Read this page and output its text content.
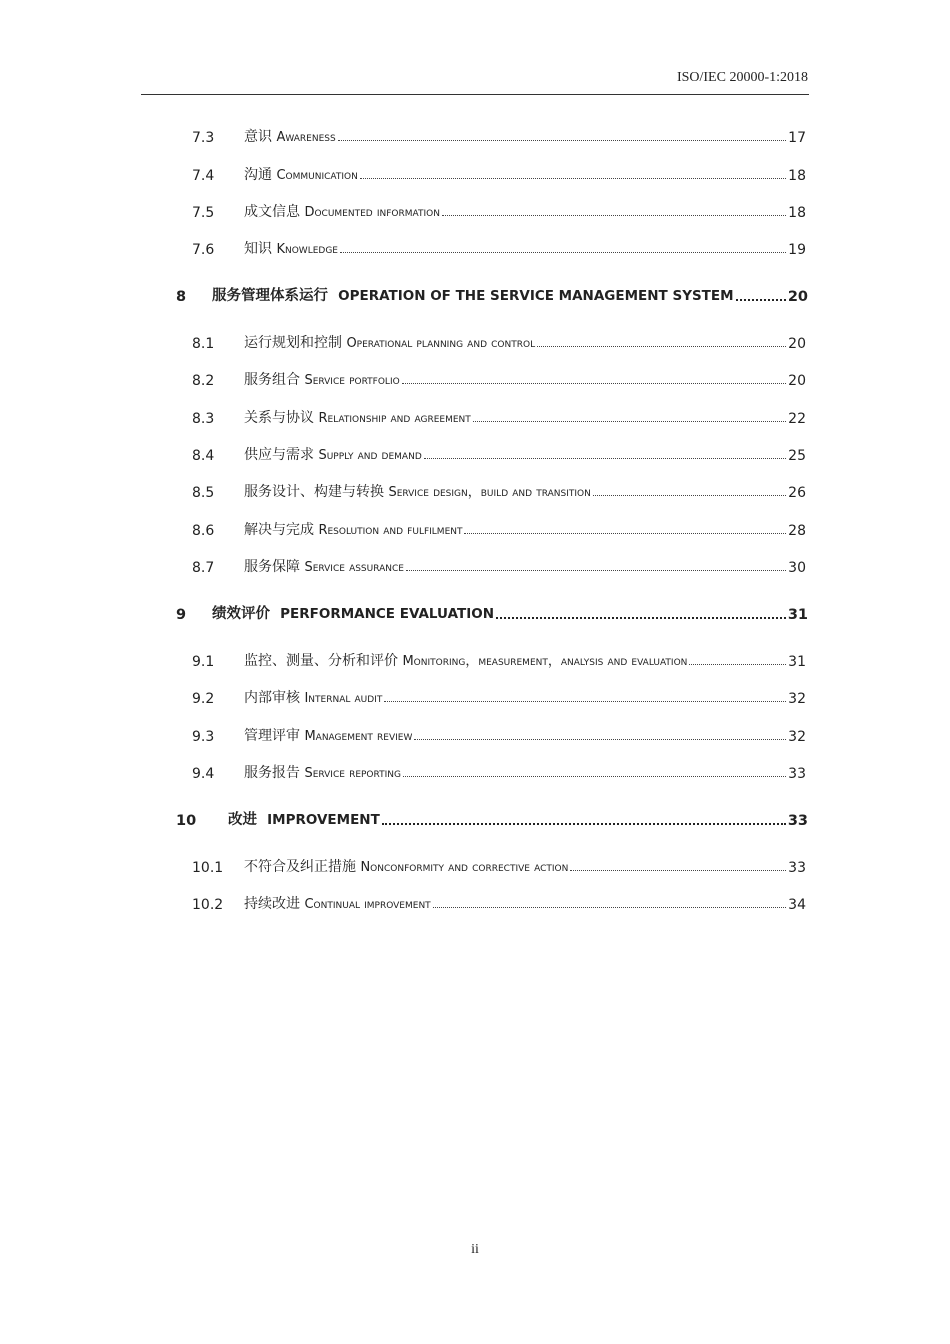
ISO/IEC 20000-1:2018
7.3	意识 Awareness	17
7.4	沟通 Communication	18
7.5	成文信息 Documented information	18
7.6	知识 Knowledge	19
8	服务管理体系运行 OPERATION OF THE SERVICE MANAGEMENT SYSTEM	20
8.1	运行规划和控制 Operational planning and control	20
8.2	服务组合 Service portfolio	20
8.3	关系与协议 Relationship and agreement	22
8.4	供应与需求 Supply and demand	25
8.5	服务设计、构建与转换 Service design，build and transition	26
8.6	解决与完成 Resolution and fulfilment	28
8.7	服务保障 Service assurance	30
9	绩效评价 PERFORMANCE EVALUATION	31
9.1	监控、测量、分析和评价 Monitoring，measurement，analysis and evaluation	31
9.2	内部审核 Internal audit	32
9.3	管理评审 Management review	32
9.4	服务报告 Service reporting	33
10	改进 IMPROVEMENT	33
10.1	不符合及纠正措施 Nonconformity and corrective action	33
10.2	持续改进 Continual improvement	34
ii
